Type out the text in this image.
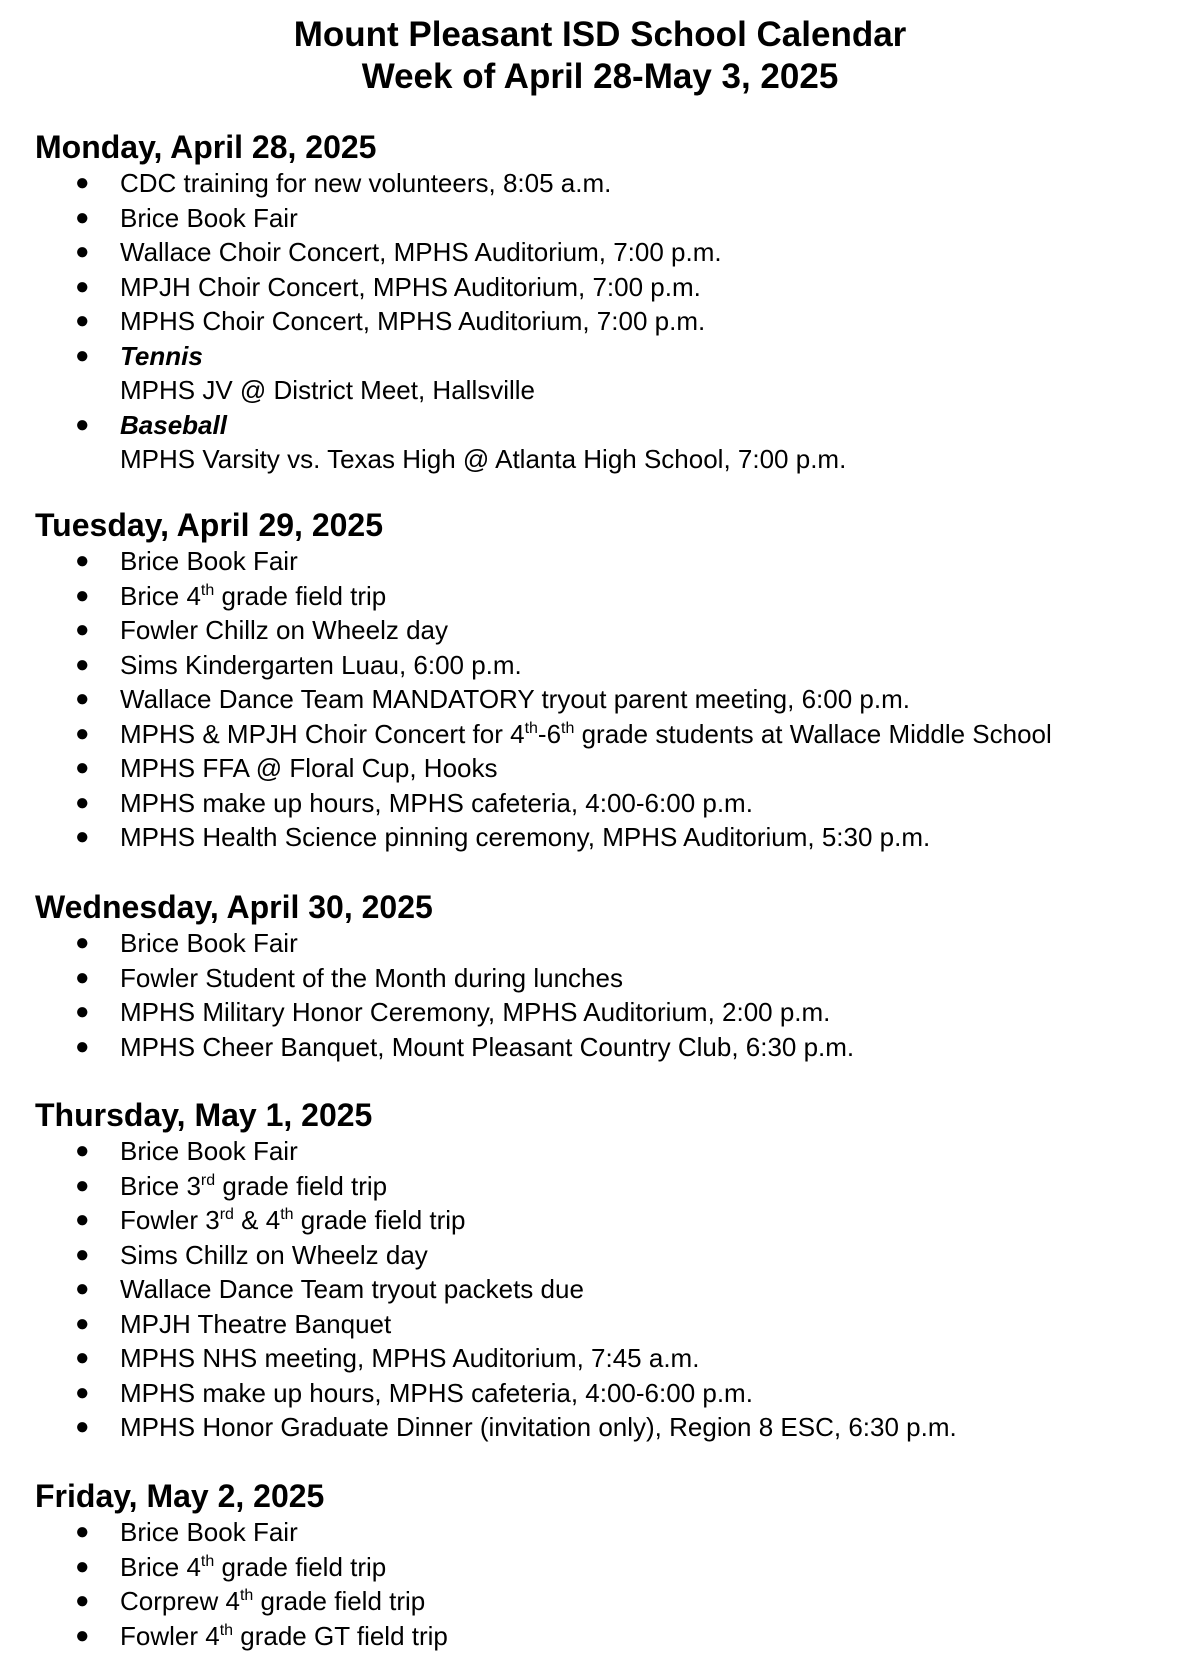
Mount Pleasant ISD School Calendar
Week of April 28-May 3, 2025
Monday, April 28, 2025
● CDC training for new volunteers, 8:05 a.m.
● Brice Book Fair
● Wallace Choir Concert, MPHS Auditorium, 7:00 p.m.
● MPJH Choir Concert, MPHS Auditorium, 7:00 p.m.
● MPHS Choir Concert, MPHS Auditorium, 7:00 p.m.
● Tennis
MPHS JV @ District Meet, Hallsville
● Baseball
MPHS Varsity vs. Texas High @ Atlanta High School, 7:00 p.m.
Tuesday, April 29, 2025
● Brice Book Fair
● Brice 4th grade field trip
● Fowler Chillz on Wheelz day
● Sims Kindergarten Luau, 6:00 p.m.
● Wallace Dance Team MANDATORY tryout parent meeting, 6:00 p.m.
● MPHS & MPJH Choir Concert for 4th-6th grade students at Wallace Middle School
● MPHS FFA @ Floral Cup, Hooks
● MPHS make up hours, MPHS cafeteria, 4:00-6:00 p.m.
● MPHS Health Science pinning ceremony, MPHS Auditorium, 5:30 p.m.
Wednesday, April 30, 2025
● Brice Book Fair
● Fowler Student of the Month during lunches
● MPHS Military Honor Ceremony, MPHS Auditorium, 2:00 p.m.
● MPHS Cheer Banquet, Mount Pleasant Country Club, 6:30 p.m.
Thursday, May 1, 2025
● Brice Book Fair
● Brice 3rd grade field trip
● Fowler 3rd & 4th grade field trip
● Sims Chillz on Wheelz day
● Wallace Dance Team tryout packets due
● MPJH Theatre Banquet
● MPHS NHS meeting, MPHS Auditorium, 7:45 a.m.
● MPHS make up hours, MPHS cafeteria, 4:00-6:00 p.m.
● MPHS Honor Graduate Dinner (invitation only), Region 8 ESC, 6:30 p.m.
Friday, May 2, 2025
● Brice Book Fair
● Brice 4th grade field trip
● Corprew 4th grade field trip
● Fowler 4th grade GT field trip
